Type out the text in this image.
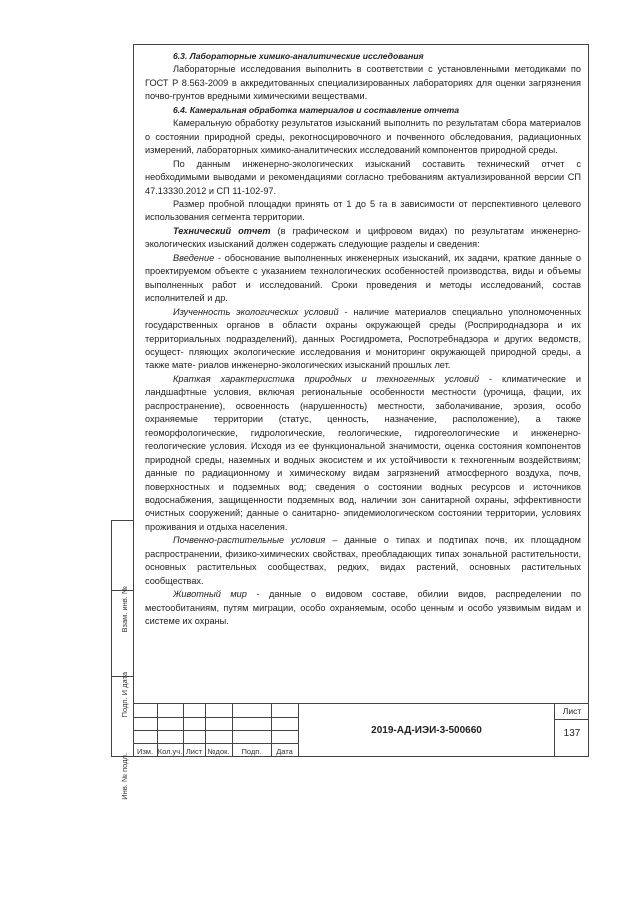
Взам. инв. №
Подп. И дата
Инв. № подл.

6.3. Лабораторные химико-аналитические исследования

Лабораторные исследования выполнить в соответствии с установленными методиками по ГОСТ Р 8.563-2009 в аккредитованных специализированных лабораториях для оценки загрязнения почво-грунтов вредными химическими веществами.

6.4. Камеральная обработка материалов и составление отчета

Камеральную обработку результатов изысканий выполнить по результатам сбора материалов о состоянии природной среды, рекогносцировочного и почвенного обследования, радиационных измерений, лабораторных химико-аналитических исследований компонентов природной среды.

По данным инженерно-экологических изысканий составить технический отчет с необходимыми выводами и рекомендациями согласно требованиям актуализированной версии СП 47.13330.2012 и СП 11-102-97.

Размер пробной площадки принять от 1 до 5 га в зависимости от перспективного целевого использования сегмента территории.

Технический отчет (в графическом и цифровом видах) по результатам инженерно-экологических изысканий должен содержать следующие разделы и сведения:

Введение - обоснование выполненных инженерных изысканий, их задачи, краткие данные о проектируемом объекте с указанием технологических особенностей производства, виды и объемы выполненных работ и исследований. Сроки проведения и методы исследований, состав исполнителей и др.

Изученность экологических условий - наличие материалов специально уполномоченных государственных органов в области охраны окружающей среды (Росприроднадзора и их территориальных подразделений), данных Росгидромета, Роспотребнадзора и других ведомств, осущест- пляющих экологические исследования и мониторинг окружающей природной среды, а также мате- риалов инженерно-экологических изысканий прошлых лет.

Краткая характеристика природных и техногенных условий - климатические и ландшафтные условия, включая региональные особенности местности (урочища, фации, их распространение), освоенность (нарушенность) местности, заболачивание, эрозия, особо охраняемые территории (статус, ценность, назначение, расположение), а также геоморфологические, гидрологические, геологические, гидрогеологические и инженерно-геологические условия. Исходя из ее функциональной значимости, оценка состояния компонентов природной среды, наземных и водных экосистем и их устойчивости к техногенным воздействиям; данные по радиационному и химическому видам загрязнений атмосферного воздуха, почв, поверхностных и подземных вод; сведения о состоянии водных ресурсов и источников водоснабжения, защищенности подземных вод, наличии зон санитарной охраны, эффективности очистных сооружений; данные о санитарно- эпидемиологическом состоянии территории, условиях проживания и отдыха населения.

Почвенно-растительные условия – данные о типах и подтипах почв, их площадном распространении, физико-химических свойствах, преобладающих типах зональной растительности, основных растительных сообществах, редких, видах растений, основных растительных сообществах.

Животный мир - данные о видовом составе, обилии видов, распределении по местообитаниям, путям миграции, особо охраняемым, особо ценным и особо уязвимым видам и системе их охраны.

Изм. Кол.уч. Лист №док.	Подп.	Дата
2019-АД-ИЭИ-3-500660
Лист
137
